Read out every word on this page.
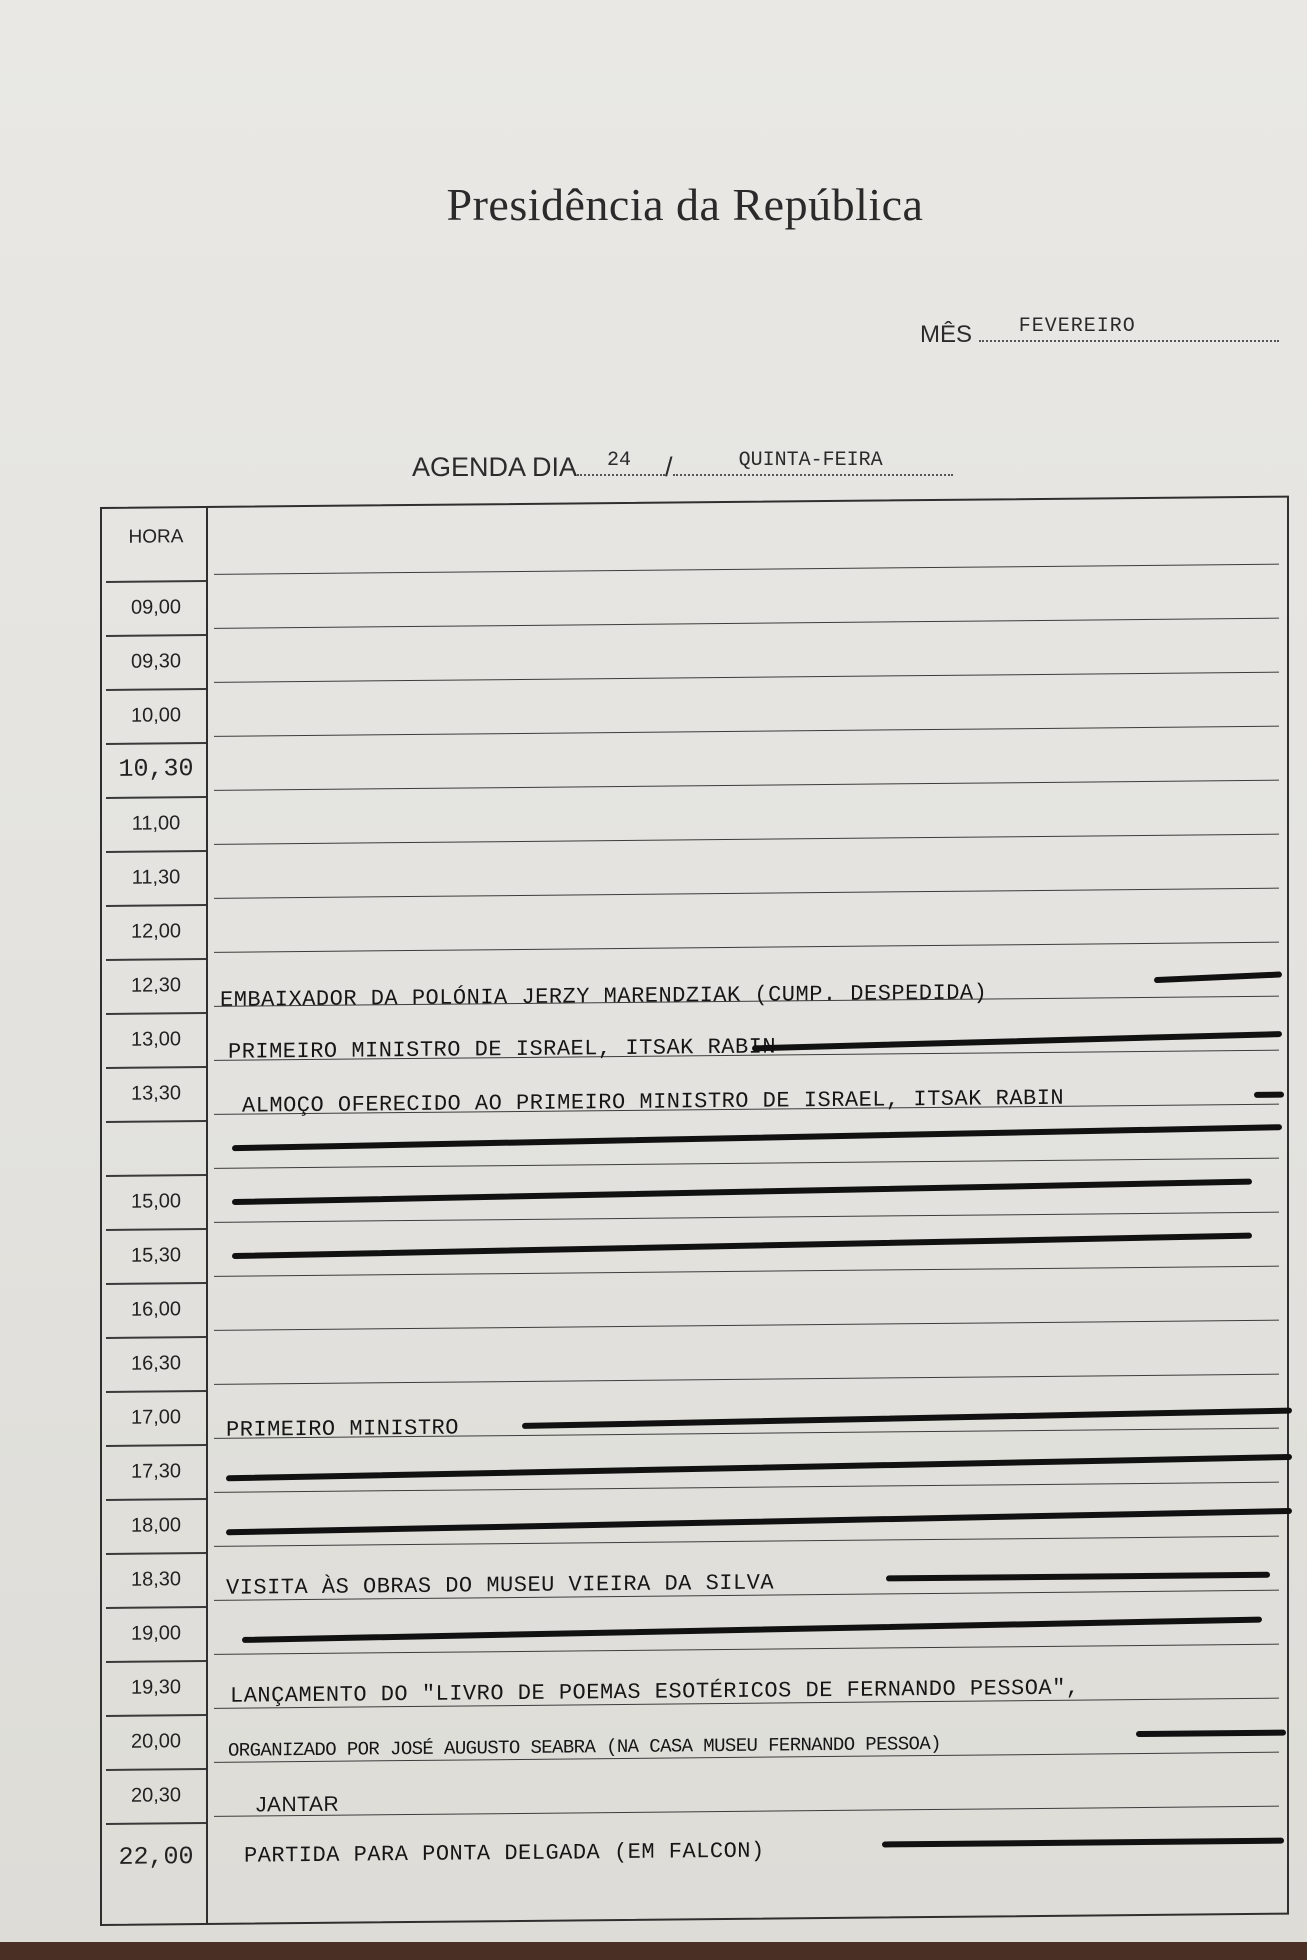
Presidência da República
MÊS FEVEREIRO
AGENDA DIA 24 /	QUINTA-FEIRA
HORA
09,00
09,30
10,00
10,30
11,00
11,30
12,00
12,30
13,00
13,30
15,00
15,30
16,00
16,30
17,00
17,30
18,00
18,30
19,00
19,30
20,00
20,30
22,00
EMBAIXADOR DA POLÓNIA JERZY MARENDZIAK (CUMP. DESPEDIDA)
PRIMEIRO MINISTRO DE ISRAEL, ITSAK RABIN
ALMOÇO OFERECIDO AO PRIMEIRO MINISTRO DE ISRAEL, ITSAK RABIN
PRIMEIRO MINISTRO
VISITA ÀS OBRAS DO MUSEU VIEIRA DA SILVA
LANÇAMENTO DO "LIVRO DE POEMAS ESOTÉRICOS DE FERNANDO PESSOA",
ORGANIZADO POR JOSÉ AUGUSTO SEABRA (NA CASA MUSEU FERNANDO PESSOA)
JANTAR
PARTIDA PARA PONTA DELGADA (EM FALCON)
